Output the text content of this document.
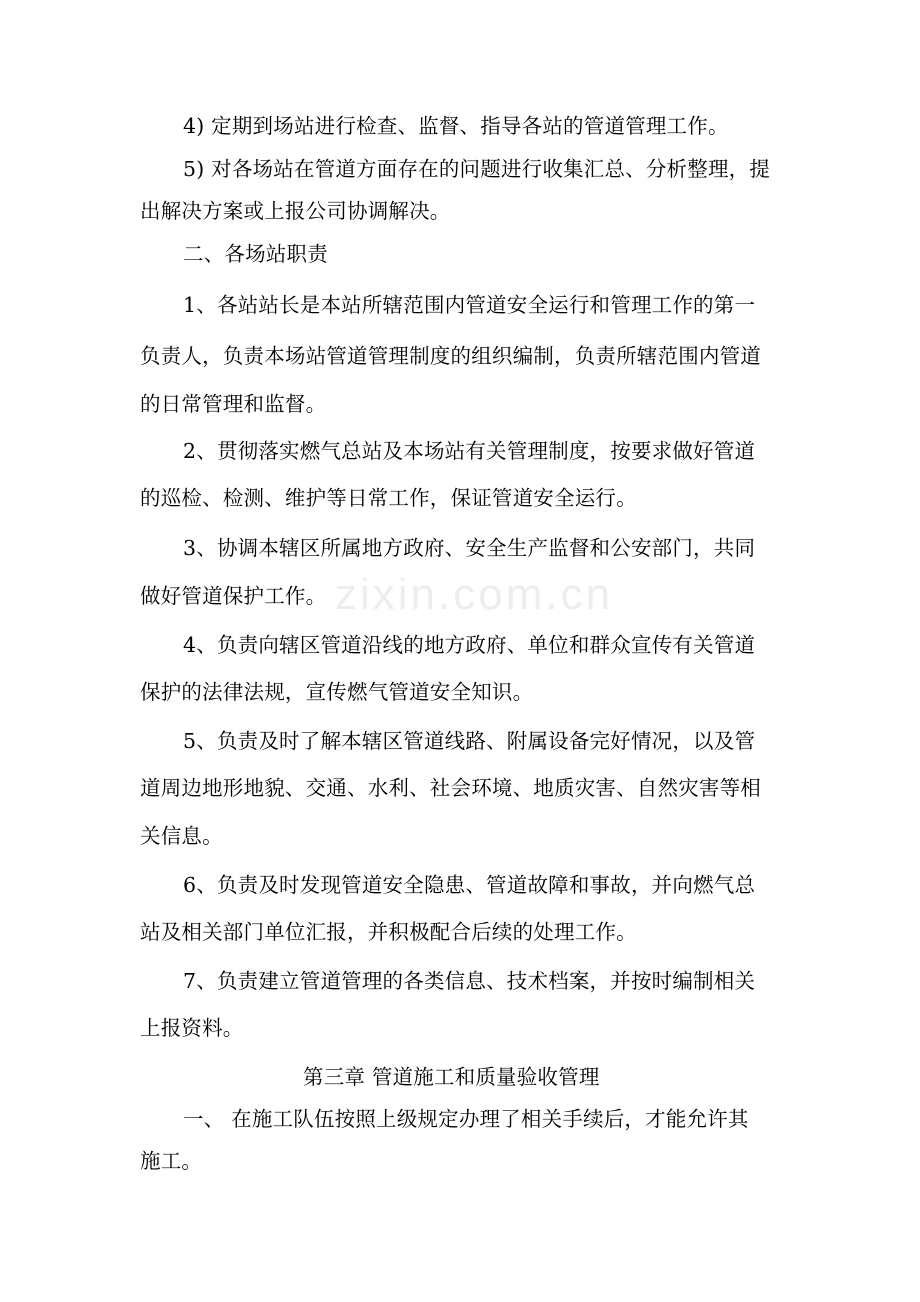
zixin.com.cn
4) 定期到场站进行检查、监督、指导各站的管道管理工作。
5) 对各场站在管道方面存在的问题进行收集汇总、分析整理，提
出解决方案或上报公司协调解决。
二、各场站职责
1、各站站长是本站所辖范围内管道安全运行和管理工作的第一
负责人，负责本场站管道管理制度的组织编制，负责所辖范围内管道
的日常管理和监督。
2、贯彻落实燃气总站及本场站有关管理制度，按要求做好管道
的巡检、检测、维护等日常工作，保证管道安全运行。
3、协调本辖区所属地方政府、安全生产监督和公安部门，共同
做好管道保护工作。
4、负责向辖区管道沿线的地方政府、单位和群众宣传有关管道
保护的法律法规，宣传燃气管道安全知识。
5、负责及时了解本辖区管道线路、附属设备完好情况，以及管
道周边地形地貌、交通、水利、社会环境、地质灾害、自然灾害等相
关信息。
6、负责及时发现管道安全隐患、管道故障和事故，并向燃气总
站及相关部门单位汇报，并积极配合后续的处理工作。
7、负责建立管道管理的各类信息、技术档案，并按时编制相关
上报资料。
第三章 管道施工和质量验收管理
一、 在施工队伍按照上级规定办理了相关手续后，才能允许其
施工。
